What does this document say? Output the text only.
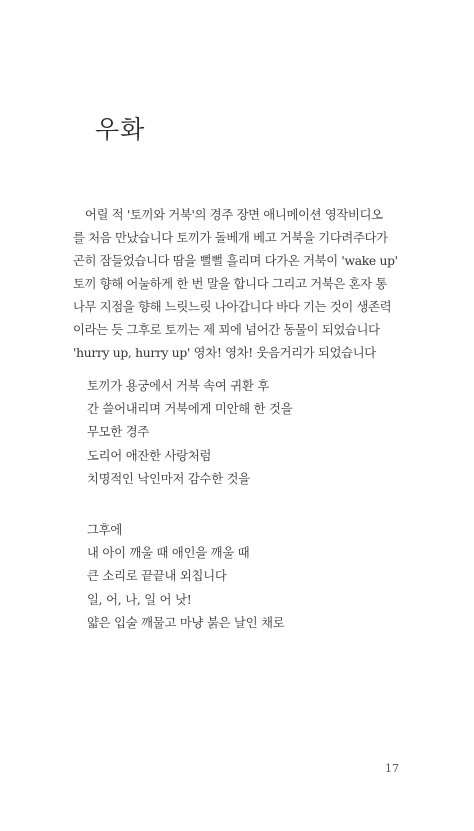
우화

어릴 적 '토끼와 거북'의 경주 장면 애니메이션 영작비디오
를 처음 만났습니다 토끼가 돌베개 베고 거북을 기다려주다가
곤히 잠들었습니다 땀을 뻘뻘 흘리며 다가온 거북이 'wake up'
토끼 향해 어눌하게 한 번 말을 합니다 그리고 거북은 혼자 통
나무 지점을 향해 느릿느릿 나아갑니다 바다 기는 것이 생존력
이라는 듯 그후로 토끼는 제 꾀에 넘어간 동물이 되었습니다
'hurry up, hurry up' 영차! 영차! 웃음거리가 되었습니다

토끼가 용궁에서 거북 속여 귀환 후
간 쓸어내리며 거북에게 미안해 한 것을
무모한 경주
도리어 애잔한 사랑처럼
치명적인 낙인마저 감수한 것을
그후에
내 아이 깨울 때 애인을 깨울 때
큰 소리로 끝끝내 외칩니다
일, 어, 나, 일 어 낫!
얇은 입술 깨물고 마냥 붉은 날인 채로
17
